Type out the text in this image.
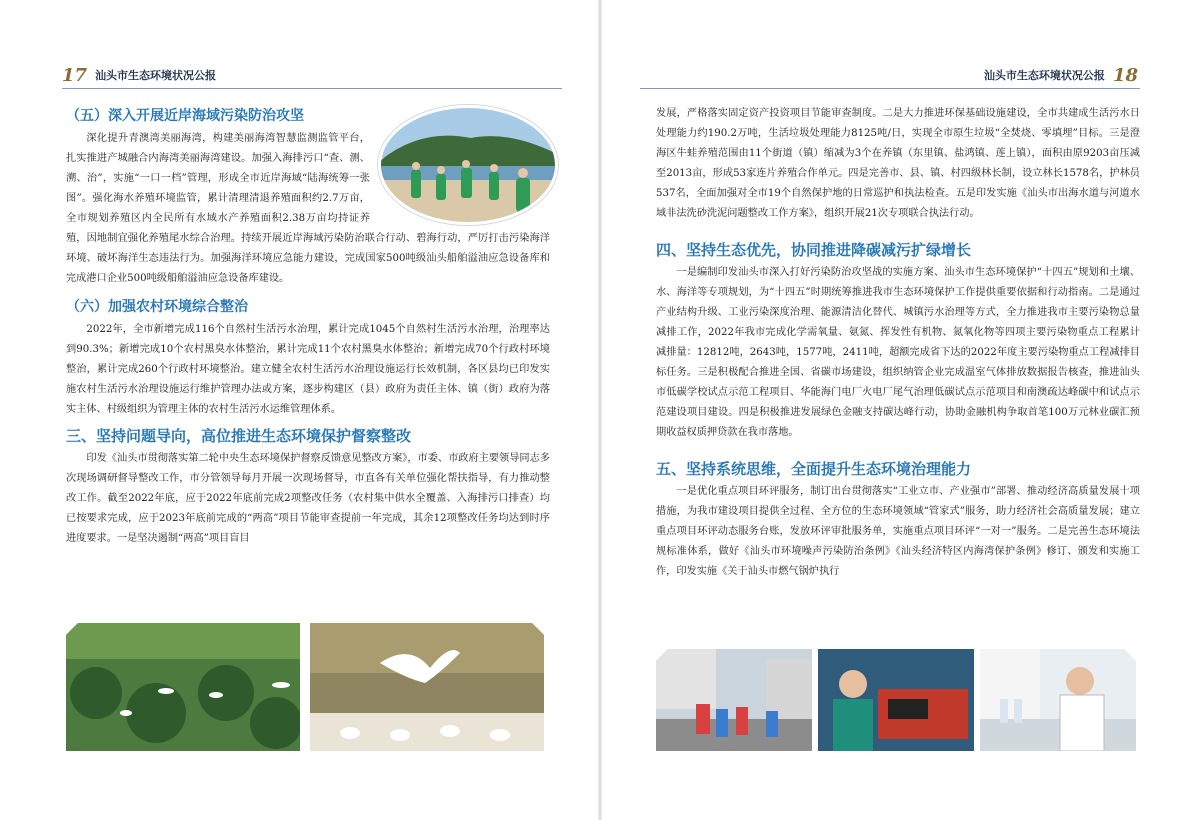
17 汕头市生态环境状况公报	汕头市生态环境状况公报 18
（五）深入开展近岸海域污染防治攻坚

深化提升青澳湾美丽海湾，构建美丽海湾智慧监测监管平台，扎实推进产城融合内海湾美丽海湾建设。加强入海排污口“查、测、溯、治”，实施“一口一档”管理，形成全市近岸海域“陆海统筹一张图”。强化海水养殖环境监管，累计清理清退养殖面积约2.7万亩，全市规划养殖区内全民所有水域水产养殖面积2.38万亩均持证养殖，因地制宜强化养殖尾水综合治理。持续开展近岸海域污染防治联合行动、碧海行动，严厉打击污染海洋环境、破坏海洋生态违法行为。加强海洋环境应急能力建设，完成国家500吨级汕头船舶溢油应急设备库和完成港口企业500吨级船舶溢油应急设备库建设。

（六）加强农村环境综合整治

2022年，全市新增完成116个自然村生活污水治理，累计完成1045个自然村生活污水治理，治理率达到90.3%；新增完成10个农村黑臭水体整治，累计完成11个农村黑臭水体整治；新增完成70个行政村环境整治，累计完成260个行政村环境整治。建立健全农村生活污水治理设施运行长效机制，各区县均已印发实施农村生活污水治理设施运行维护管理办法或方案，逐步构建区（县）政府为责任主体、镇（街）政府为落实主体、村级组织为管理主体的农村生活污水运维管理体系。

三、坚持问题导向，高位推进生态环境保护督察整改

印发《汕头市贯彻落实第二轮中央生态环境保护督察反馈意见整改方案》，市委、市政府主要领导同志多次现场调研督导整改工作，市分管领导每月开展一次现场督导，市直各有关单位强化帮扶指导，有力推动整改工作。截至2022年底，应于2022年底前完成2项整改任务（农村集中供水全覆盖、入海排污口排查）均已按要求完成，应于2023年底前完成的“两高”项目节能审查提前一年完成，其余12项整改任务均达到时序进度要求。一是坚决遏制“两高”项目盲目

发展，严格落实固定资产投资项目节能审查制度。二是大力推进环保基础设施建设，全市共建成生活污水日处理能力约190.2万吨，生活垃圾处理能力8125吨/日，实现全市原生垃圾“全焚烧、零填埋”目标。三是澄海区牛蛙养殖范围由11个街道（镇）缩减为3个在养镇（东里镇、盐鸿镇、莲上镇），面积由原9203亩压减至2013亩，形成53家连片养殖合作单元。四是完善市、县、镇、村四级林长制，设立林长1578名，护林员537名，全面加强对全市19个自然保护地的日常巡护和执法检查。五是印发实施《汕头市出海水道与河道水域非法洗砂洗泥问题整改工作方案》，组织开展21次专项联合执法行动。

四、坚持生态优先，协同推进降碳减污扩绿增长

一是编制印发汕头市深入打好污染防治攻坚战的实施方案、汕头市生态环境保护“十四五”规划和土壤、水、海洋等专项规划，为“十四五”时期统筹推进我市生态环境保护工作提供重要依据和行动指南。二是通过产业结构升级、工业污染深度治理、能源清洁化替代、城镇污水治理等方式，全力推进我市主要污染物总量减排工作，2022年我市完成化学需氧量、氨氮、挥发性有机物、氮氧化物等四项主要污染物重点工程累计减排量：12812吨，2643吨，1577吨，2411吨，超额完成省下达的2022年度主要污染物重点工程减排目标任务。三是积极配合推进全国、省碳市场建设，组织纳管企业完成温室气体排放数据报告核查，推进汕头市低碳学校试点示范工程项目、华能海门电厂火电厂尾气治理低碳试点示范项目和南澳疏达峰碳中和试点示范建设项目建设。四是积极推进发展绿色金融支持碳达峰行动，协助金融机构争取首笔100万元林业碳汇预期收益权质押贷款在我市落地。

五、坚持系统思维，全面提升生态环境治理能力

一是优化重点项目环评服务，制订出台贯彻落实“工业立市、产业强市”部署、推动经济高质量发展十项措施，为我市建设项目提供全过程、全方位的生态环境领域“管家式”服务，助力经济社会高质量发展；建立重点项目环评动态服务台账，发放环评审批服务单，实施重点项目环评“一对一”服务。二是完善生态环境法规标准体系，做好《汕头市环境噪声污染防治条例》《汕头经济特区内海湾保护条例》修订、颁发和实施工作，印发实施《关于汕头市燃气锅炉执行
